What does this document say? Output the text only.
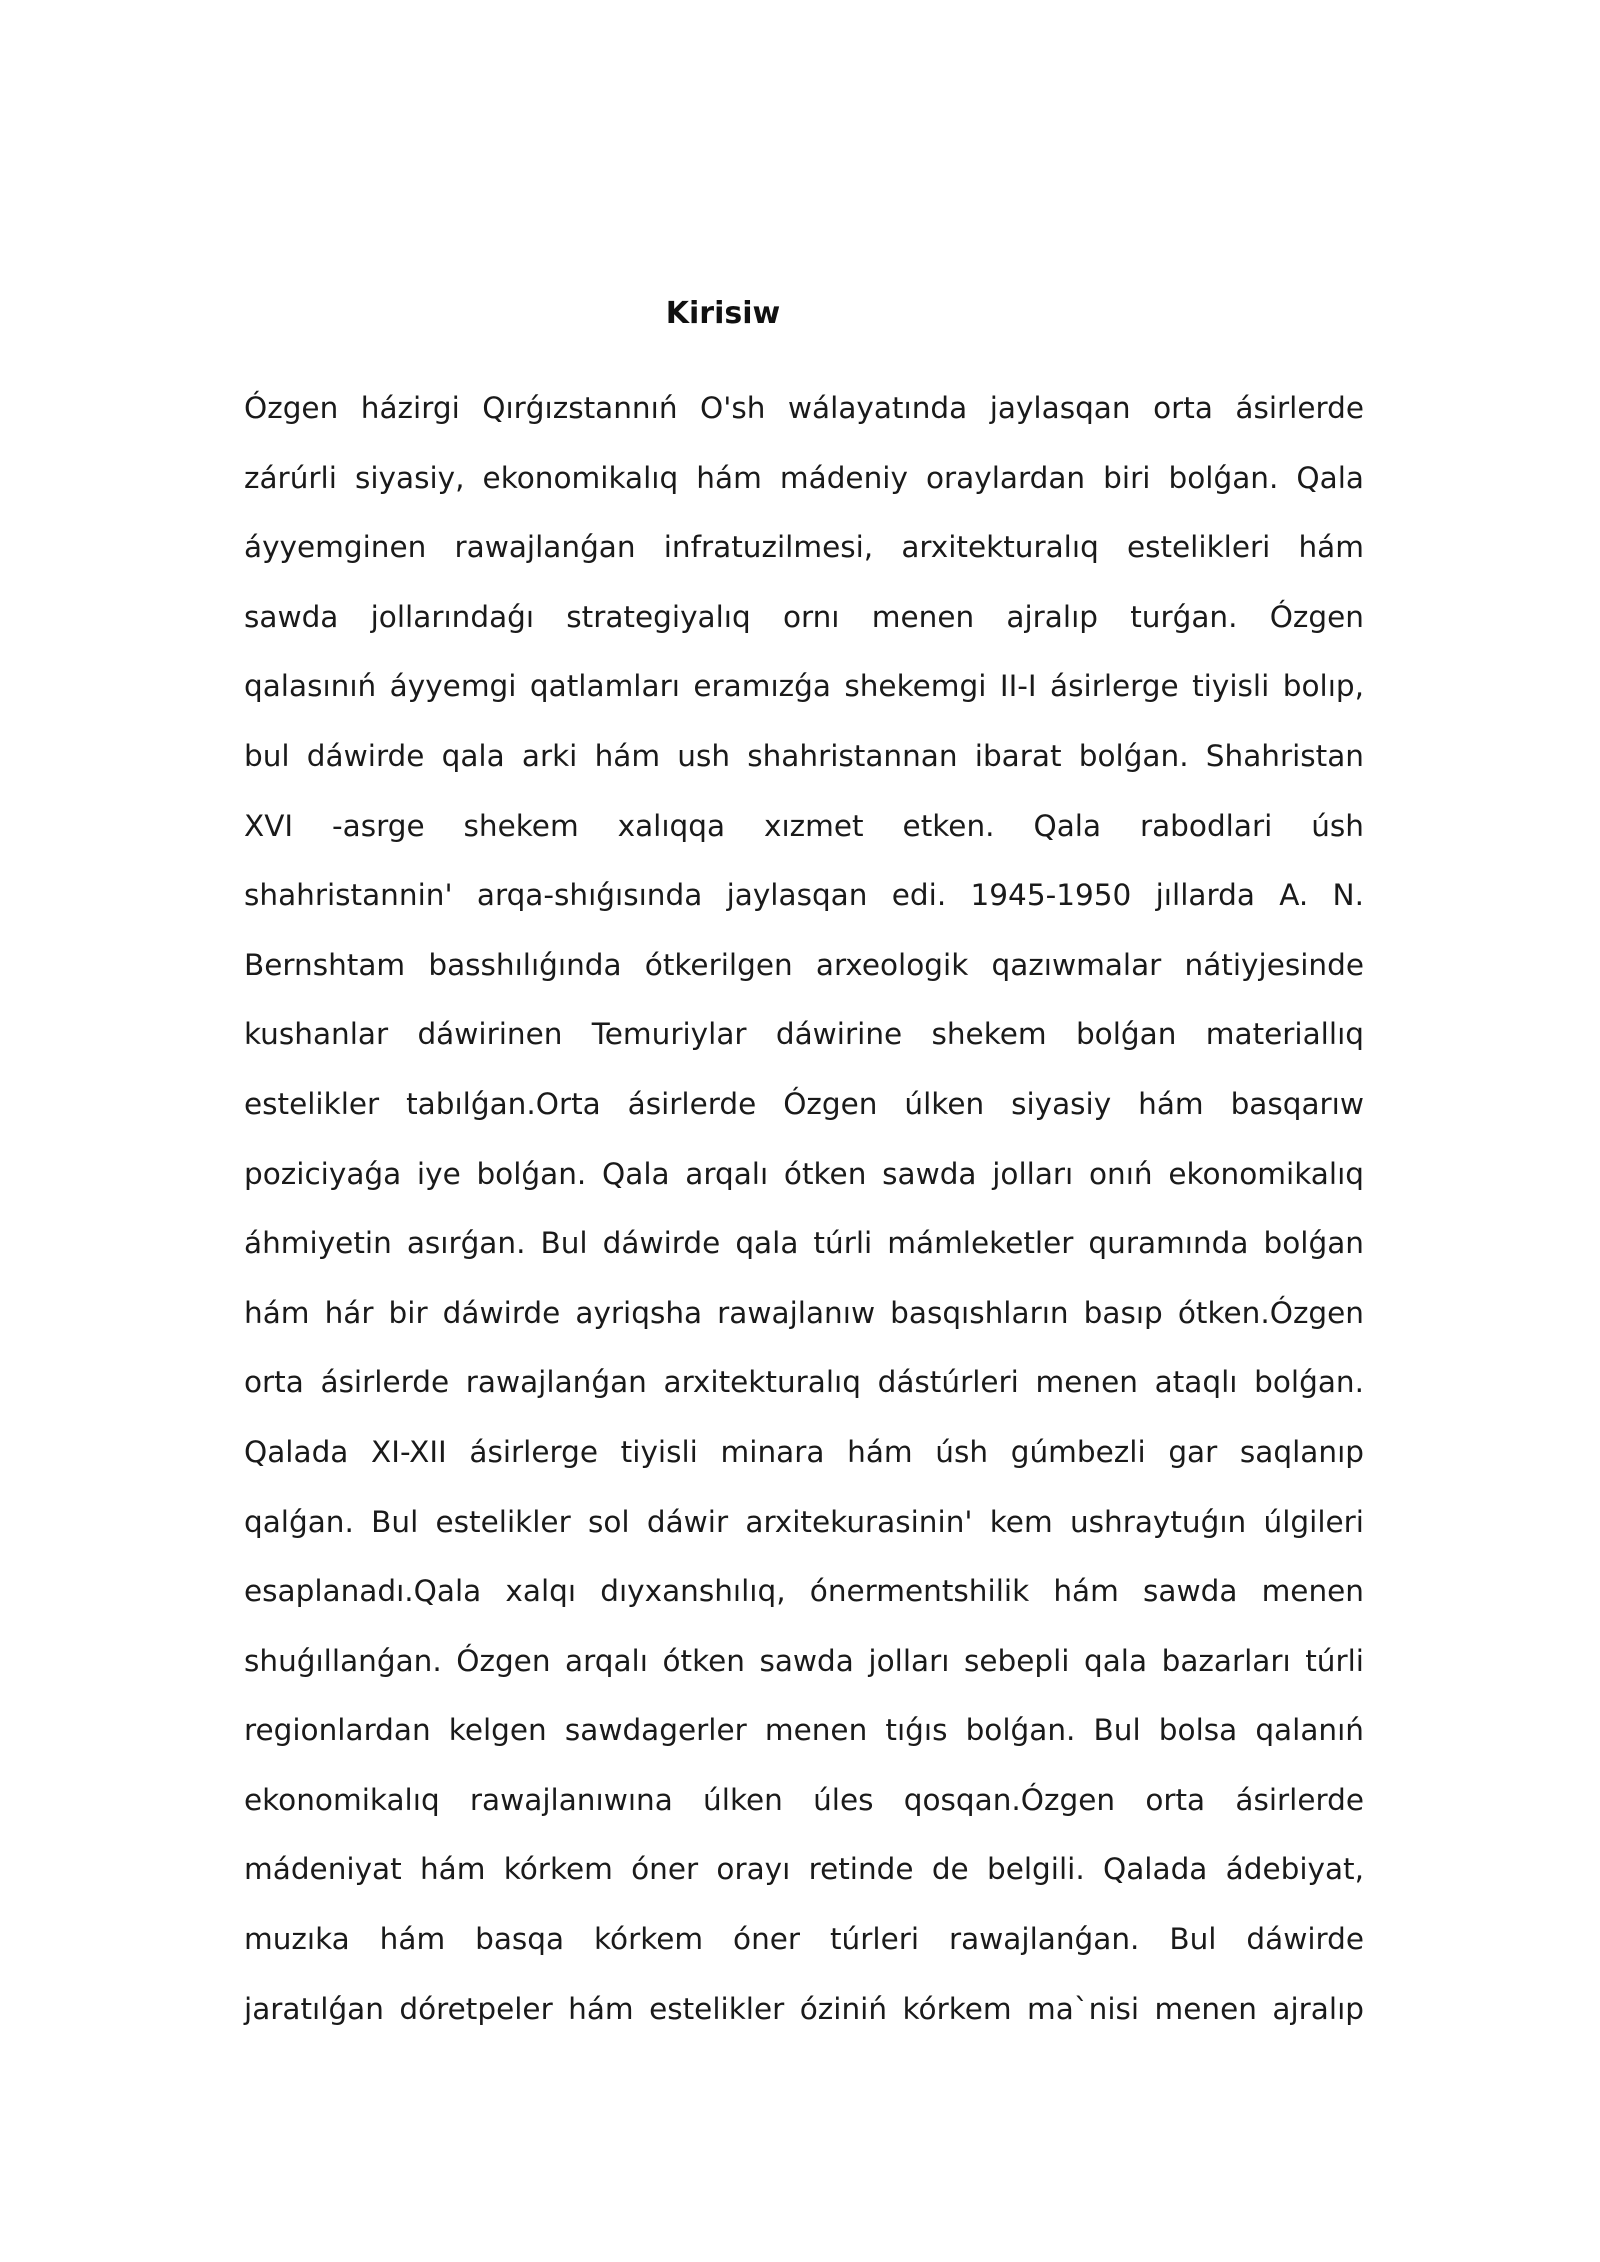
Kirisiw
Ózgen házirgi Qırǵızstannıń O'sh wálayatında jaylasqan orta ásirlerde
zárúrli siyasiy, ekonomikalıq hám mádeniy oraylardan biri bolǵan. Qala
áyyemginen rawajlanǵan infratuzilmesi, arxitekturalıq estelikleri hám
sawda jollarındaǵı strategiyalıq ornı menen ajralıp turǵan. Ózgen
qalasınıń áyyemgi qatlamları eramızǵa shekemgi II-I ásirlerge tiyisli bolıp,
bul dáwirde qala arki hám ush shahristannan ibarat bolǵan. Shahristan
XVI -asrge shekem xalıqqa xızmet etken. Qala rabodlari úsh
shahristannin' arqa-shıǵısında jaylasqan edi. 1945-1950 jıllarda A. N.
Bernshtam basshılıǵında ótkerilgen arxeologik qazıwmalar nátiyjesinde
kushanlar dáwirinen Temuriylar dáwirine shekem bolǵan materiallıq
estelikler tabılǵan.Orta ásirlerde Ózgen úlken siyasiy hám basqarıw
poziciyaǵa iye bolǵan. Qala arqalı ótken sawda jolları onıń ekonomikalıq
áhmiyetin asırǵan. Bul dáwirde qala túrli mámleketler quramında bolǵan
hám hár bir dáwirde ayriqsha rawajlanıw basqıshların basıp ótken.Ózgen
orta ásirlerde rawajlanǵan arxitekturalıq dástúrleri menen ataqlı bolǵan.
Qalada XI-XII ásirlerge tiyisli minara hám úsh gúmbezli gar saqlanıp
qalǵan. Bul estelikler sol dáwir arxitekurasinin' kem ushraytuǵın úlgileri
esaplanadı.Qala xalqı dıyxanshılıq, ónermentshilik hám sawda menen
shuǵıllanǵan. Ózgen arqalı ótken sawda jolları sebepli qala bazarları túrli
regionlardan kelgen sawdagerler menen tıǵıs bolǵan. Bul bolsa qalanıń
ekonomikalıq rawajlanıwına úlken úles qosqan.Ózgen orta ásirlerde
mádeniyat hám kórkem óner orayı retinde de belgili. Qalada ádebiyat,
muzıka hám basqa kórkem óner túrleri rawajlanǵan. Bul dáwirde
jaratılǵan dóretpeler hám estelikler óziniń kórkem ma`nisi menen ajralıp
